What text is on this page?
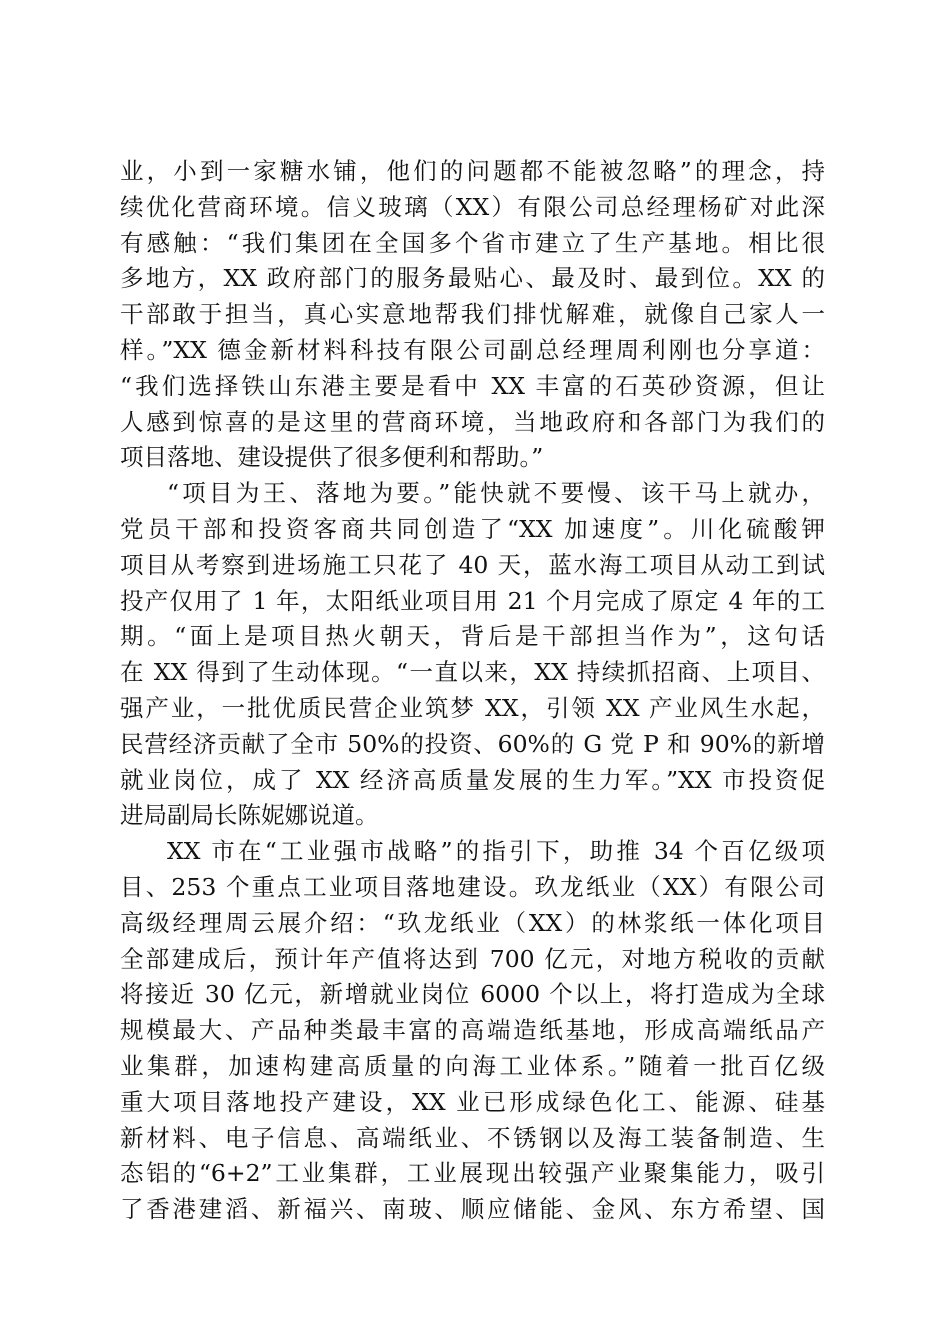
业，小到一家糖水铺，他们的问题都不能被忽略”的理念，持
续优化营商环境。信义玻璃（XX）有限公司总经理杨矿对此深
有感触：“我们集团在全国多个省市建立了生产基地。相比很
多地方，XX 政府部门的服务最贴心、最及时、最到位。XX 的
干部敢于担当，真心实意地帮我们排忧解难，就像自己家人一
样。”XX 德金新材料科技有限公司副总经理周利刚也分享道：
“我们选择铁山东港主要是看中 XX 丰富的石英砂资源，但让
人感到惊喜的是这里的营商环境，当地政府和各部门为我们的
项目落地、建设提供了很多便利和帮助。”
“项目为王、落地为要。”能快就不要慢、该干马上就办，
党员干部和投资客商共同创造了“XX 加速度”。川化硫酸钾
项目从考察到进场施工只花了 40 天，蓝水海工项目从动工到试
投产仅用了 1 年，太阳纸业项目用 21 个月完成了原定 4 年的工
期。“面上是项目热火朝天，背后是干部担当作为”，这句话
在 XX 得到了生动体现。“一直以来，XX 持续抓招商、上项目、
强产业，一批优质民营企业筑梦 XX，引领 XX 产业风生水起，
民营经济贡献了全市 50%的投资、60%的 G 党 P 和 90%的新增
就业岗位，成了 XX 经济高质量发展的生力军。”XX 市投资促
进局副局长陈妮娜说道。
XX 市在“工业强市战略”的指引下，助推 34 个百亿级项
目、253 个重点工业项目落地建设。玖龙纸业（XX）有限公司
高级经理周云展介绍：“玖龙纸业（XX）的林浆纸一体化项目
全部建成后，预计年产值将达到 700 亿元，对地方税收的贡献
将接近 30 亿元，新增就业岗位 6000 个以上，将打造成为全球
规模最大、产品种类最丰富的高端造纸基地，形成高端纸品产
业集群，加速构建高质量的向海工业体系。”随着一批百亿级
重大项目落地投产建设，XX 业已形成绿色化工、能源、硅基
新材料、电子信息、高端纸业、不锈钢以及海工装备制造、生
态铝的“6+2”工业集群，工业展现出较强产业聚集能力，吸引
了香港建滔、新福兴、南玻、顺应储能、金风、东方希望、国
